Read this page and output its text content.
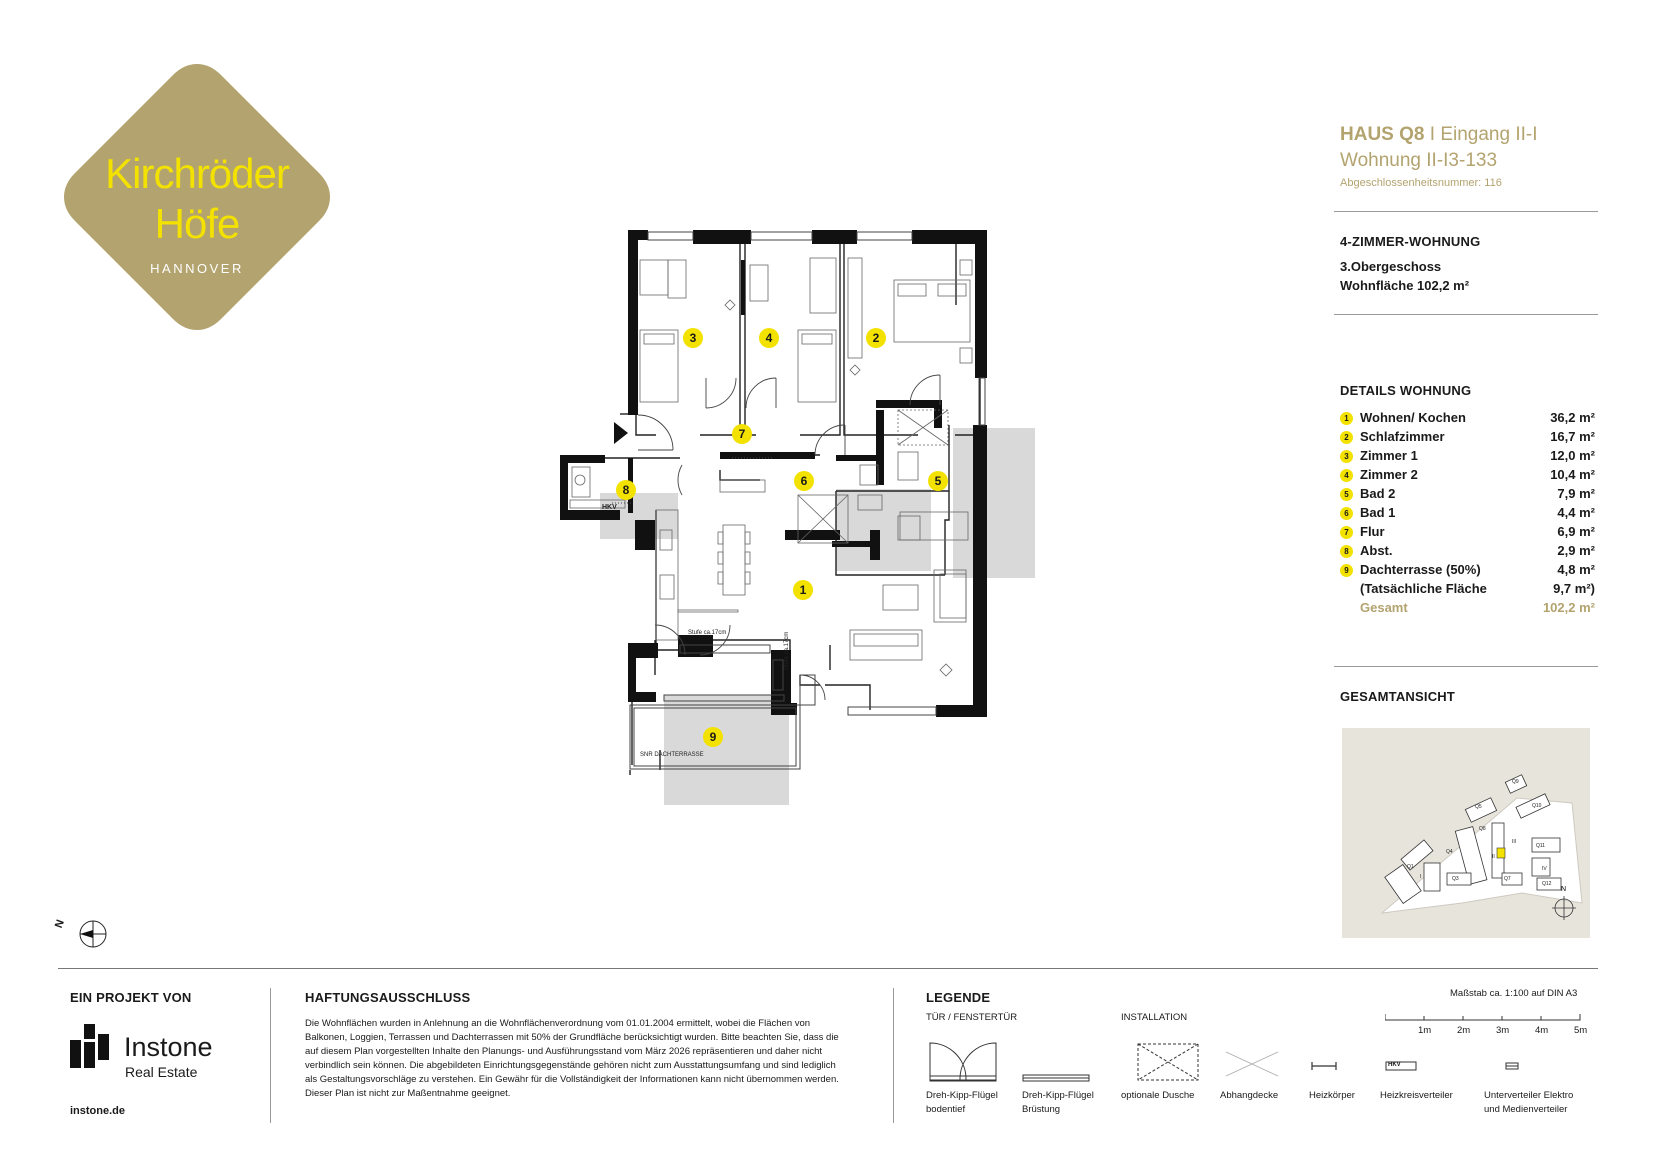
Kirchröder
Höfe
HANNOVER
HAUS Q8 I Eingang II-I
Wohnung II-I3-133
Abgeschlossenheitsnummer: 116
4-ZIMMER-WOHNUNG
3.Obergeschoss
Wohnfläche 102,2 m²
DETAILS WOHNUNG
1 Wohnen/ Kochen	36,2 m²
2 Schlafzimmer	16,7 m²
3 Zimmer 1	12,0 m²
4 Zimmer 2	10,4 m²
5 Bad 2	7,9 m²
6 Bad 1	4,4 m²
7 Flur	6,9 m²
8 Abst.	2,9 m²
9 Dachterrasse (50%)	4,8 m²
(Tatsächliche Fläche	9,7 m²)
Gesamt	102,2 m²
GESAMTANSICHT
Q9
Q5	Q10
Q8
II
III
Q11
Q1
I
Q4
IV
Q3	Q7
Q12
N
1
2
3	4
5
6
7
8
9
HKV
Stufe ca.17cm	Stufe ca.17cm
SNR DACHTERRASSE
N
EIN PROJEKT VON
Instone
Real Estate
instone.de
HAFTUNGSAUSSCHLUSS
Die Wohnflächen wurden in Anlehnung an die Wohnflächenverordnung vom 01.01.2004 ermittelt, wobei die Flächen von Balkonen, Loggien, Terrassen und Dachterrassen mit 50% der Grundfläche berücksichtigt wurden. Bitte beachten Sie, dass die auf diesem Plan vorgestellten Inhalte den Planungs- und Ausführungsstand vom März 2026 repräsentieren und daher nicht verbindlich sein können. Die abgebildeten Einrichtungsgegenstände gehören nicht zum Ausstattungsumfang und sind lediglich als Gestaltungsvorschläge zu verstehen. Ein Gewähr für die Vollständigkeit der Informationen kann nicht übernommen werden. Dieser Plan ist nicht zur Maßentnahme geeignet.
LEGENDE
TÜR / FENSTERTÜR	INSTALLATION
HKV
Dreh-Kipp-Flügel
bodentief
Dreh-Kipp-Flügel
Brüstung
optionale Dusche	Abhangdecke	Heizkörper	Heizkreisverteiler	Unterverteiler Elektro
und Medienverteiler
Maßstab ca. 1:100 auf DIN A3
1m	2m	3m	4m	5m
